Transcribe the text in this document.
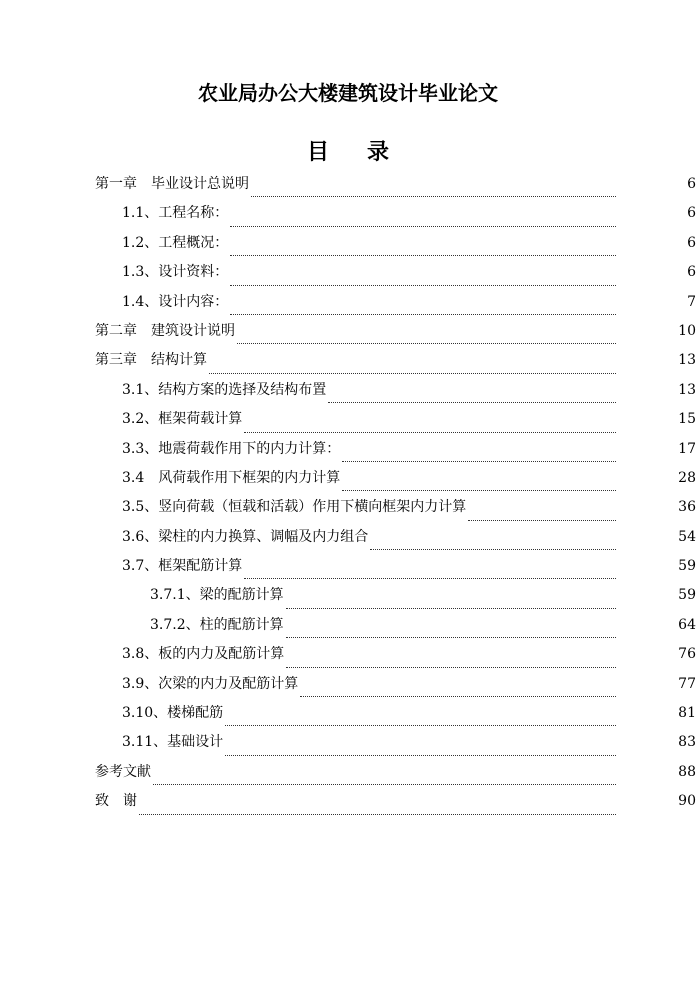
农业局办公大楼建筑设计毕业论文
目录
第一章　毕业设计总说明	6
1.1、工程名称：	6
1.2、工程概况：	6
1.3、设计资料：	6
1.4、设计内容：	7
第二章　建筑设计说明	10
第三章　结构计算	13
3.1、结构方案的选择及结构布置	13
3.2、框架荷载计算	15
3.3、地震荷载作用下的内力计算：	17
3.4　风荷载作用下框架的内力计算	28
3.5、竖向荷载（恒载和活载）作用下横向框架内力计算	36
3.6、梁柱的内力换算、调幅及内力组合	54
3.7、框架配筋计算	59
3.7.1、梁的配筋计算	59
3.7.2、柱的配筋计算	64
3.8、板的内力及配筋计算	76
3.9、次梁的内力及配筋计算	77
3.10、楼梯配筋	81
3.11、基础设计	83
参考文献	88
致　谢	90
